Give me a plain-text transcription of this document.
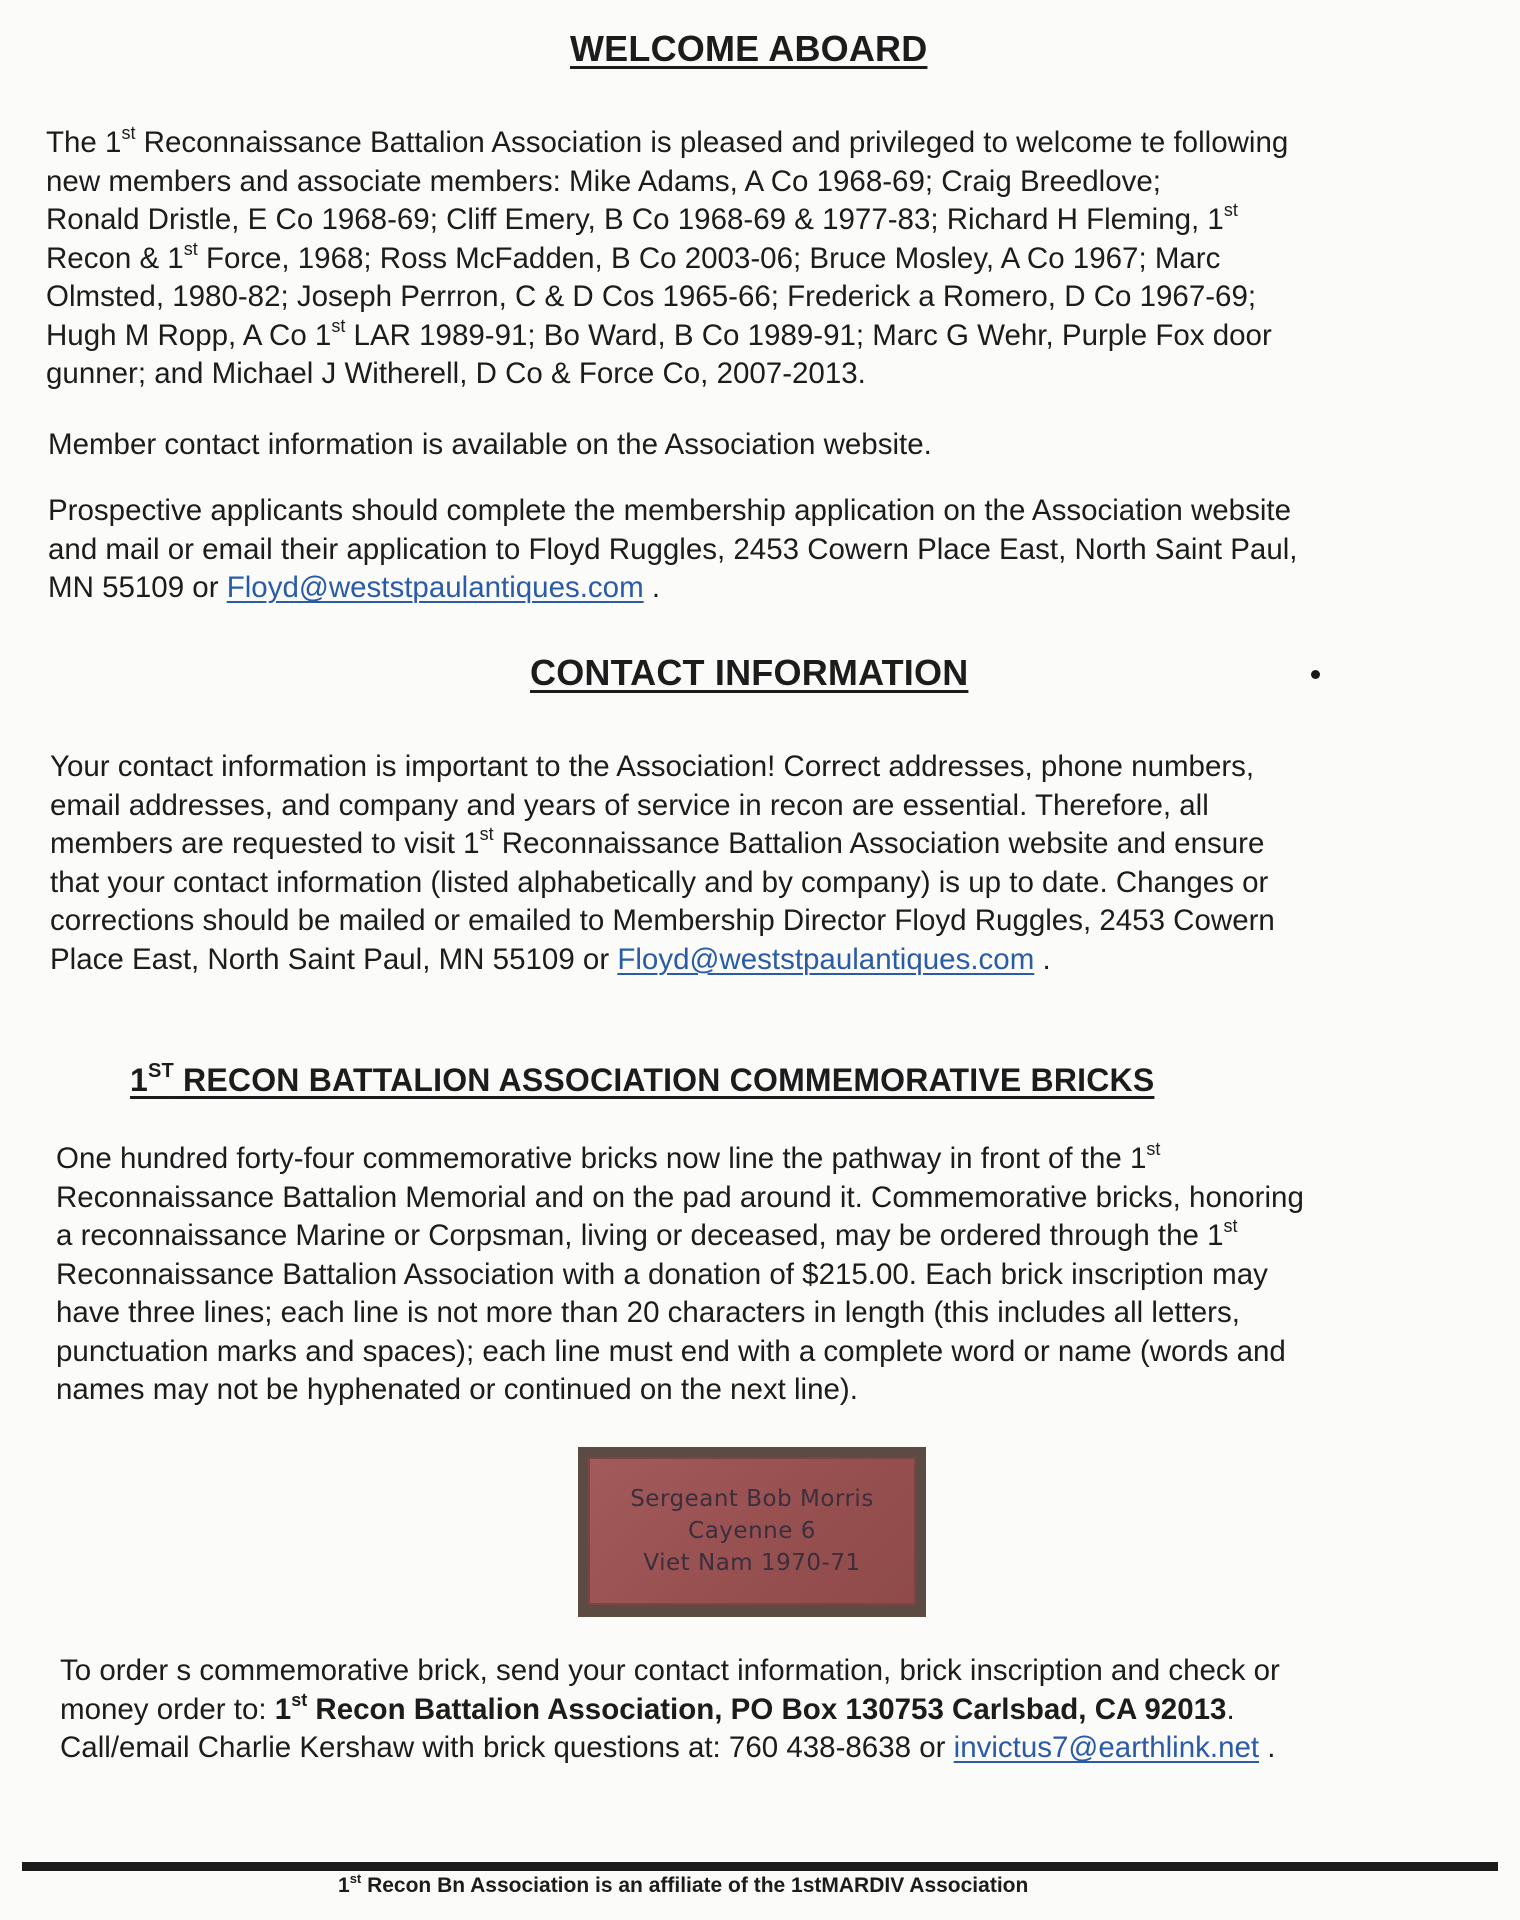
WELCOME ABOARD
The 1st Reconnaissance Battalion Association is pleased and privileged to welcome te following
new members and associate members: Mike Adams, A Co 1968-69; Craig Breedlove;
Ronald Dristle, E Co 1968-69; Cliff Emery, B Co 1968-69 & 1977-83; Richard H Fleming, 1st
Recon & 1st Force, 1968; Ross McFadden, B Co 2003-06; Bruce Mosley, A Co 1967; Marc
Olmsted, 1980-82; Joseph Perrron, C & D Cos 1965-66; Frederick a Romero, D Co 1967-69;
Hugh M Ropp, A Co 1st LAR 1989-91; Bo Ward, B Co 1989-91; Marc G Wehr, Purple Fox door
gunner; and Michael J Witherell, D Co & Force Co, 2007-2013.
Member contact information is available on the Association website.
Prospective applicants should complete the membership application on the Association website
and mail or email their application to Floyd Ruggles, 2453 Cowern Place East, North Saint Paul,
MN 55109 or Floyd@weststpaulantiques.com .
CONTACT INFORMATION
Your contact information is important to the Association! Correct addresses, phone numbers,
email addresses, and company and years of service in recon are essential. Therefore, all
members are requested to visit 1st Reconnaissance Battalion Association website and ensure
that your contact information (listed alphabetically and by company) is up to date. Changes or
corrections should be mailed or emailed to Membership Director Floyd Ruggles, 2453 Cowern
Place East, North Saint Paul, MN 55109 or Floyd@weststpaulantiques.com .
1ST RECON BATTALION ASSOCIATION COMMEMORATIVE BRICKS
One hundred forty-four commemorative bricks now line the pathway in front of the 1st
Reconnaissance Battalion Memorial and on the pad around it. Commemorative bricks, honoring
a reconnaissance Marine or Corpsman, living or deceased, may be ordered through the 1st
Reconnaissance Battalion Association with a donation of $215.00. Each brick inscription may
have three lines; each line is not more than 20 characters in length (this includes all letters,
punctuation marks and spaces); each line must end with a complete word or name (words and
names may not be hyphenated or continued on the next line).
Sergeant Bob Morris
Cayenne 6
Viet Nam 1970-71
To order s commemorative brick, send your contact information, brick inscription and check or
money order to: 1st Recon Battalion Association, PO Box 130753 Carlsbad, CA 92013.
Call/email Charlie Kershaw with brick questions at: 760 438-8638 or invictus7@earthlink.net .
1st Recon Bn Association is an affiliate of the 1stMARDIV Association
